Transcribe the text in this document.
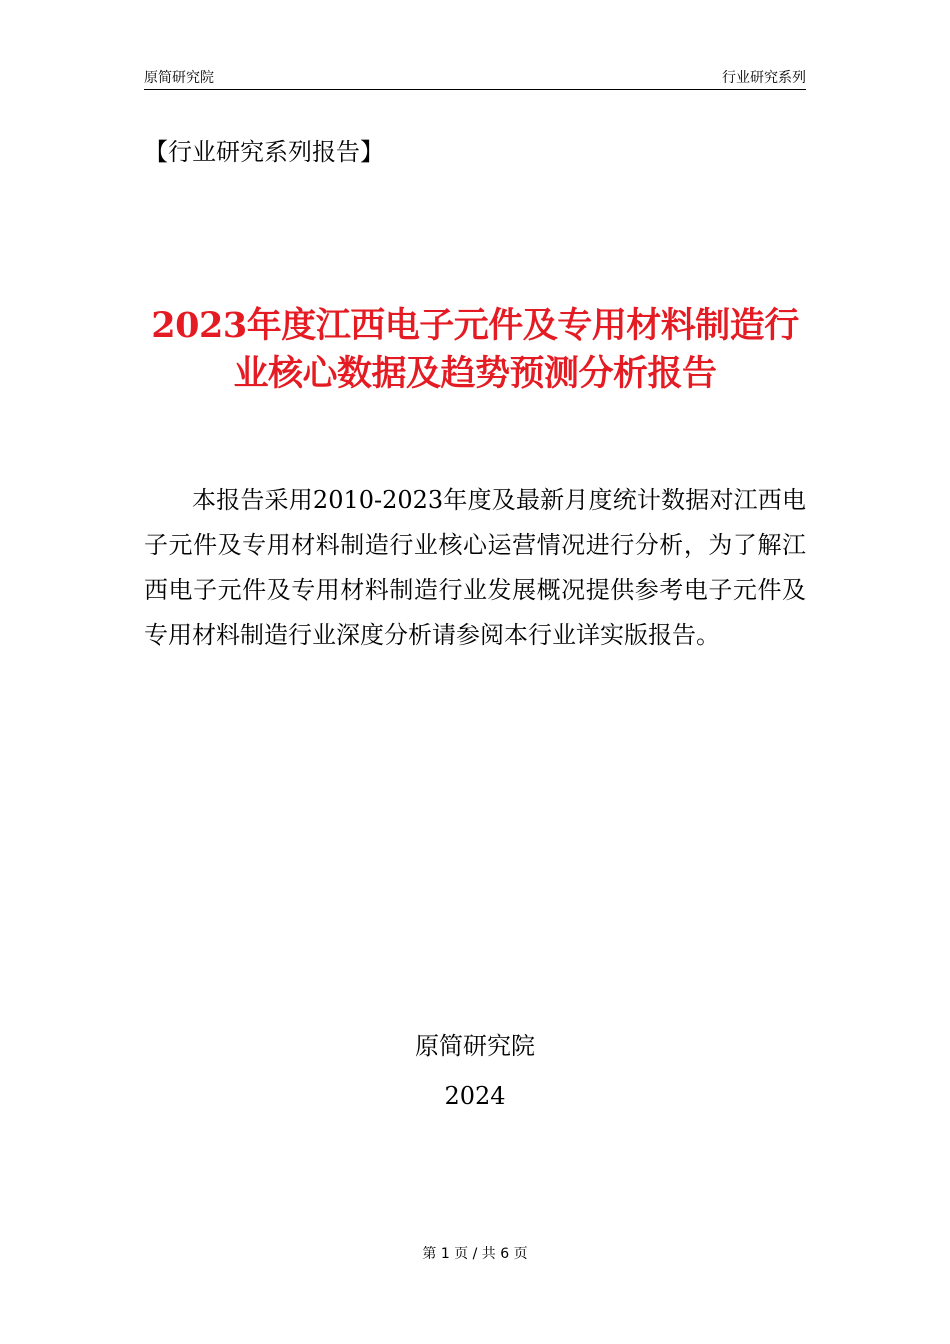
原简研究院	行业研究系列
【行业研究系列报告】
2023年度江西电子元件及专用材料制造行业核心数据及趋势预测分析报告
本报告采用2010-2023年度及最新月度统计数据对江西电子元件及专用材料制造行业核心运营情况进行分析，为了解江西电子元件及专用材料制造行业发展概况提供参考电子元件及专用材料制造行业深度分析请参阅本行业详实版报告。
原简研究院
2024
第 1 页 / 共 6 页
